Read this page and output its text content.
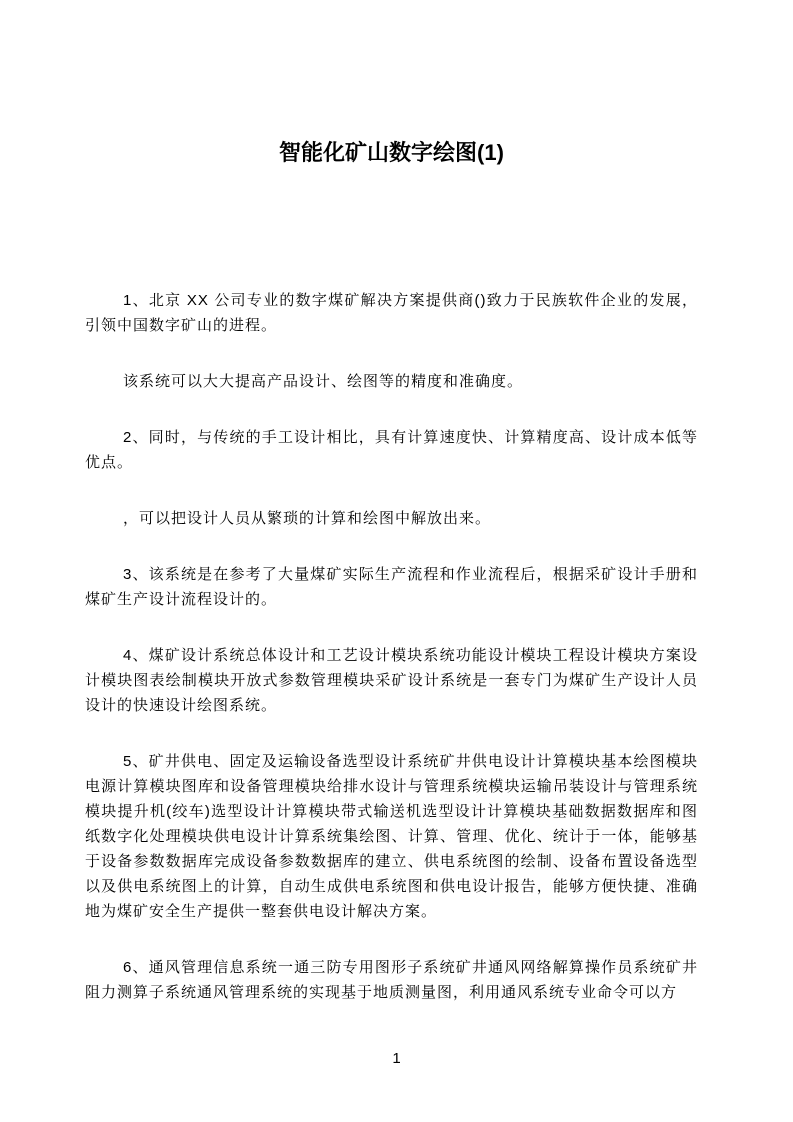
智能化矿山数字绘图(1)

1、北京 XX 公司专业的数字煤矿解决方案提供商()致力于民族软件企业的发展，引领中国数字矿山的进程。

该系统可以大大提高产品设计、绘图等的精度和准确度。

2、同时，与传统的手工设计相比，具有计算速度快、计算精度高、设计成本低等优点。

，可以把设计人员从繁琐的计算和绘图中解放出来。

3、该系统是在参考了大量煤矿实际生产流程和作业流程后，根据采矿设计手册和煤矿生产设计流程设计的。

4、煤矿设计系统总体设计和工艺设计模块系统功能设计模块工程设计模块方案设计模块图表绘制模块开放式参数管理模块采矿设计系统是一套专门为煤矿生产设计人员设计的快速设计绘图系统。

5、矿井供电、固定及运输设备选型设计系统矿井供电设计计算模块基本绘图模块电源计算模块图库和设备管理模块给排水设计与管理系统模块运输吊装设计与管理系统模块提升机(绞车)选型设计计算模块带式输送机选型设计计算模块基础数据数据库和图纸数字化处理模块供电设计计算系统集绘图、计算、管理、优化、统计于一体，能够基于设备参数数据库完成设备参数数据库的建立、供电系统图的绘制、设备布置设备选型以及供电系统图上的计算，自动生成供电系统图和供电设计报告，能够方便快捷、准确地为煤矿安全生产提供一整套供电设计解决方案。

6、通风管理信息系统一通三防专用图形子系统矿井通风网络解算操作员系统矿井阻力测算子系统通风管理系统的实现基于地质测量图，利用通风系统专业命令可以方

1
